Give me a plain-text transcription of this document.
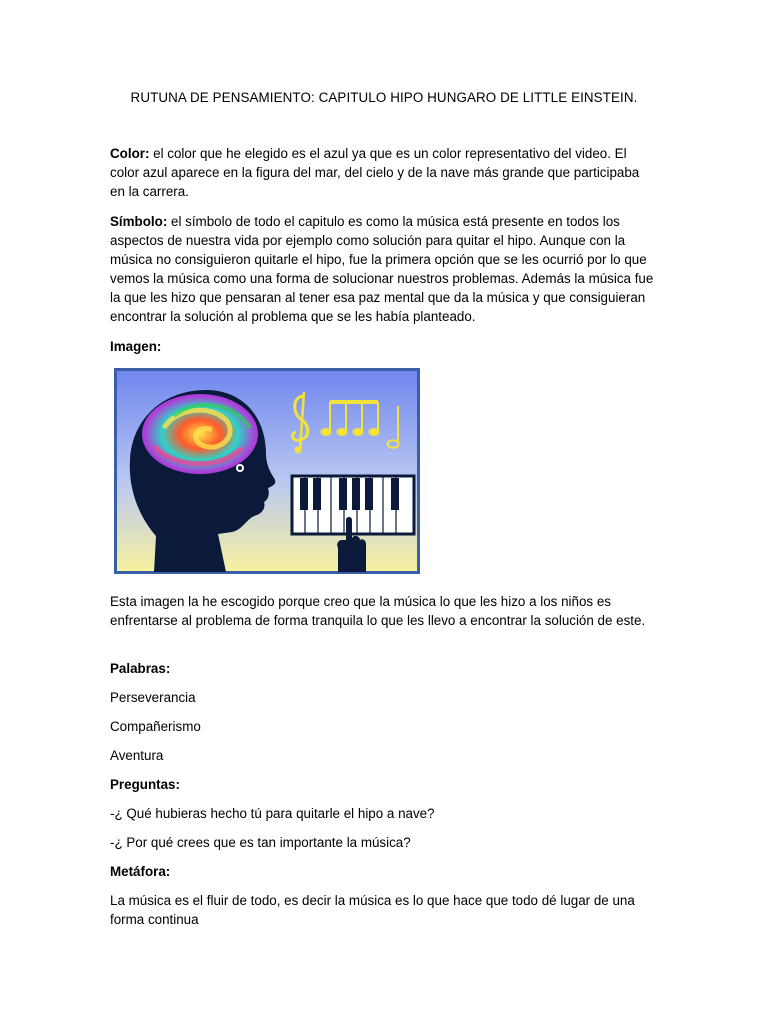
RUTUNA DE PENSAMIENTO: CAPITULO HIPO HUNGARO DE LITTLE EINSTEIN.

Color: el color que he elegido es el azul ya que es un color representativo del video. El color azul aparece en la figura del mar, del cielo y de la nave más grande que participaba en la carrera.

Símbolo: el símbolo de todo el capitulo es como la música está presente en todos los aspectos de nuestra vida por ejemplo como solución para quitar el hipo. Aunque con la música no consiguieron quitarle el hipo, fue la primera opción que se les ocurrió por lo que vemos la música como una forma de solucionar nuestros problemas. Además la música fue la que les hizo que pensaran al tener esa paz mental que da la música y que consiguieran encontrar la solución al problema que se les había planteado.

Imagen:

Esta imagen la he escogido porque creo que la música lo que les hizo a los niños es enfrentarse al problema de forma tranquila lo que les llevo a encontrar la solución de este.

Palabras:
Perseverancia
Compañerismo
Aventura
Preguntas:
-¿ Qué hubieras hecho tú para quitarle el hipo a nave?
-¿ Por qué crees que es tan importante la música?
Metáfora:

La música es el fluir de todo, es decir la música es lo que hace que todo dé lugar de una forma continua
